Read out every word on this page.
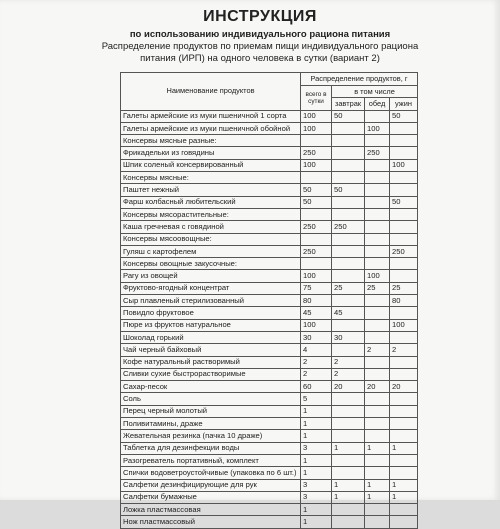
ИНСТРУКЦИЯ
по использованию индивидуального рациона питания
Распределение продуктов по приемам пищи индивидуального рациона
питания (ИРП) на одного человека в сутки (вариант 2)
Наименование продуктов	Распределение продуктов, г			
	всего в сутки	в том числе		
		завтрак	обед	ужин
Галеты армейские из муки пшеничной 1 сорта	100	50		50
Галеты армейские из муки пшеничной обойной	100		100	
Консервы мясные разные:				
Фрикадельки из говядины	250		250	
Шпик соленый консервированный	100			100
Консервы мясные:				
Паштет нежный	50	50		
Фарш колбасный любительский	50			50
Консервы мясорастительные:				
Каша гречневая с говядиной	250	250		
Консервы мясоовощные:				
Гуляш с картофелем	250			250
Консервы овощные закусочные:				
Рагу из овощей	100		100	
Фруктово-ягодный концентрат	75	25	25	25
Сыр плавленый стерилизованный	80			80
Повидло фруктовое	45	45		
Пюре из фруктов натуральное	100			100
Шоколад горький	30	30		
Чай черный байховый	4		2	2
Кофе натуральный растворимый	2	2		
Сливки сухие быстрорастворимые	2	2		
Сахар-песок	60	20	20	20
Соль	5			
Перец черный молотый	1			
Поливитамины, драже	1			
Жевательная резинка (пачка 10 драже)	1			
Таблетка для дезинфекции воды	3	1	1	1
Разогреватель портативный, комплект	1			
Спички водоветроустойчивые (упаковка по 6 шт.)	1			
Салфетки дезинфицирующие для рук	3	1	1	1
Салфетки бумажные	3	1	1	1
Ложка пластмассовая	1			
Нож пластмассовый	1			
